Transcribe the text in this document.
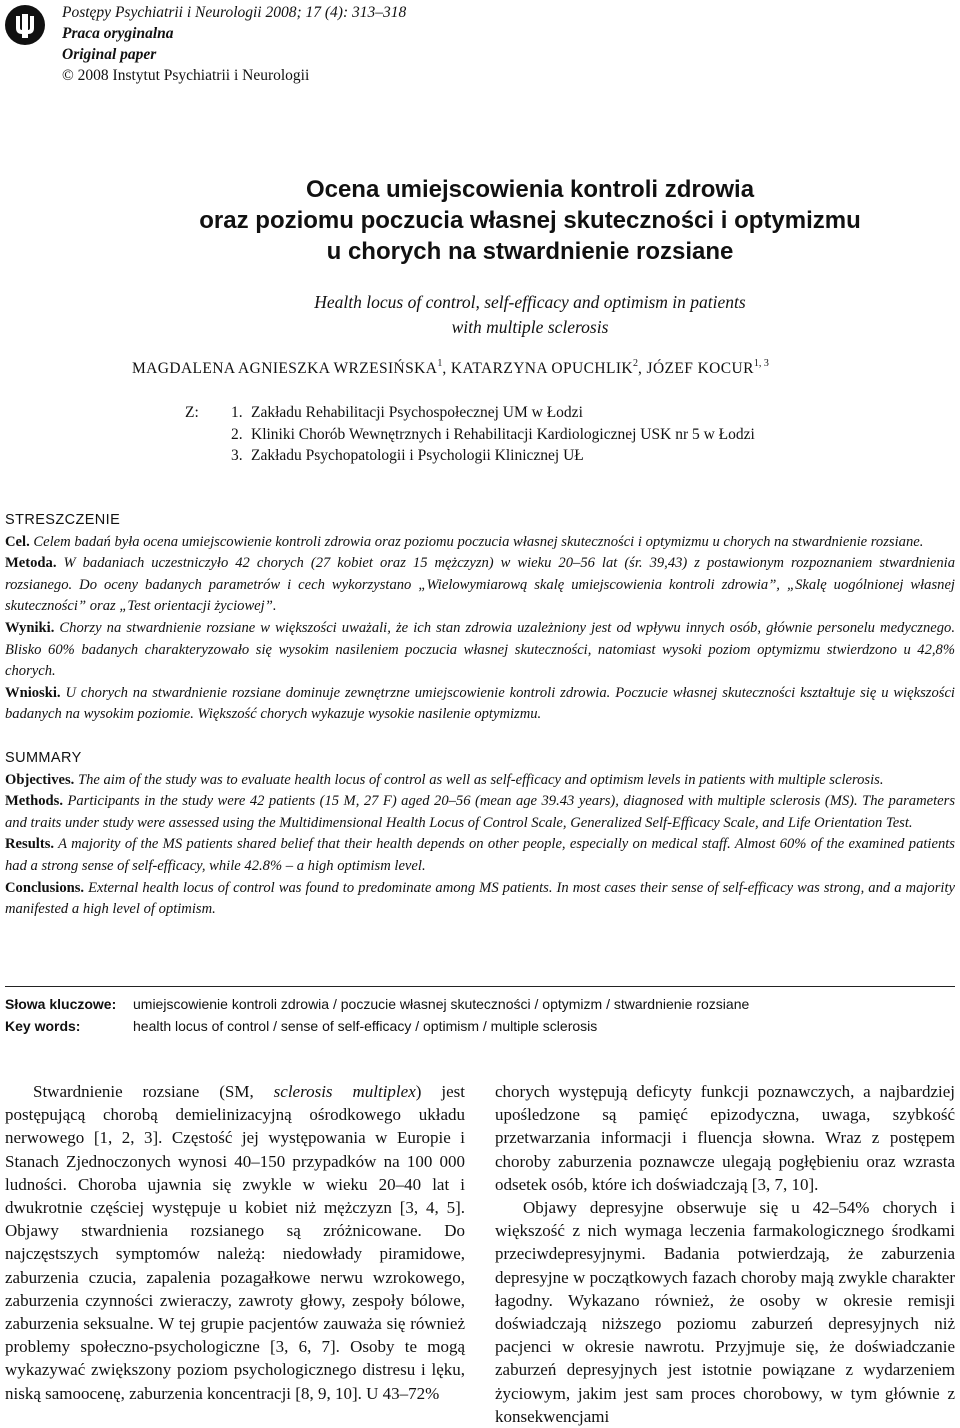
Postępy Psychiatrii i Neurologii 2008; 17 (4): 313–318
Praca oryginalna
Original paper
© 2008 Instytut Psychiatrii i Neurologii
Ocena umiejscowienia kontroli zdrowia
oraz poziomu poczucia własnej skuteczności i optymizmu
u chorych na stwardnienie rozsiane
Health locus of control, self-efficacy and optimism in patients
with multiple sclerosis
MAGDALENA AGNIESZKA WRZESIŃSKA$^1$, KATARZYNA OPUCHLIK$^2$, JÓZEF KOCUR$^{1, 3}$
Z:	1. Zakładu Rehabilitacji Psychospołecznej UM w Łodzi
2. Kliniki Chorób Wewnętrznych i Rehabilitacji Kardiologicznej USK nr 5 w Łodzi
3. Zakładu Psychopatologii i Psychologii Klinicznej UŁ
STRESZCZENIE

Cel. Celem badań była ocena umiejscowienie kontroli zdrowia oraz poziomu poczucia własnej skuteczności i optymizmu u chorych na stwardnienie rozsiane.

Metoda. W badaniach uczestniczyło 42 chorych (27 kobiet oraz 15 mężczyzn) w wieku 20–56 lat (śr. 39,43) z postawionym rozpoznaniem stwardnienia rozsianego. Do oceny badanych parametrów i cech wykorzystano „Wielowymiarową skalę umiejscowienia kontroli zdrowia”, „Skalę uogólnionej własnej skuteczności” oraz „Test orientacji życiowej”.

Wyniki. Chorzy na stwardnienie rozsiane w większości uważali, że ich stan zdrowia uzależniony jest od wpływu innych osób, głównie personelu medycznego. Blisko 60% badanych charakteryzowało się wysokim nasileniem poczucia własnej skuteczności, natomiast wysoki poziom optymizmu stwierdzono u 42,8% chorych.

Wnioski. U chorych na stwardnienie rozsiane dominuje zewnętrzne umiejscowienie kontroli zdrowia. Poczucie własnej skuteczności kształtuje się u większości badanych na wysokim poziomie. Większość chorych wykazuje wysokie nasilenie optymizmu.

SUMMARY

Objectives. The aim of the study was to evaluate health locus of control as well as self-efficacy and optimism levels in patients with multiple sclerosis.

Methods. Participants in the study were 42 patients (15 M, 27 F) aged 20–56 (mean age 39.43 years), diagnosed with multiple sclerosis (MS). The parameters and traits under study were assessed using the Multidimensional Health Locus of Control Scale, Generalized Self-Efficacy Scale, and Life Orientation Test.

Results. A majority of the MS patients shared belief that their health depends on other people, especially on medical staff. Almost 60% of the examined patients had a strong sense of self-efficacy, while 42.8% – a high optimism level.

Conclusions. External health locus of control was found to predominate among MS patients. In most cases their sense of self-efficacy was strong, and a majority manifested a high level of optimism.

Słowa kluczowe:	umiejscowienie kontroli zdrowia / poczucie własnej skuteczności / optymizm / stwardnienie rozsiane
Key words:	health locus of control / sense of self-efficacy / optimism / multiple sclerosis

Stwardnienie rozsiane (SM, sclerosis multiplex) jest postępującą chorobą demielinizacyjną ośrodkowego układu nerwowego [1, 2, 3]. Częstość jej występowania w Europie i Stanach Zjednoczonych wynosi 40–150 przypadków na 100 000 ludności. Choroba ujawnia się zwykle w wieku 20–40 lat i dwukrotnie częściej występuje u kobiet niż mężczyzn [3, 4, 5]. Objawy stwardnienia rozsianego są zróżnicowane. Do najczęstszych symptomów należą: niedowłady piramidowe, zaburzenia czucia, zapalenia pozagałkowe nerwu wzrokowego, zaburzenia czynności zwieraczy, zawroty głowy, zespoły bólowe, zaburzenia seksualne. W tej grupie pacjentów zauważa się również problemy społeczno-psychologiczne [3, 6, 7]. Osoby te mogą wykazywać zwiększony poziom psychologicznego distresu i lęku, niską samoocenę, zaburzenia koncentracji [8, 9, 10]. U 43–72%

chorych występują deficyty funkcji poznawczych, a najbardziej upośledzone są pamięć epizodyczna, uwaga, szybkość przetwarzania informacji i fluencja słowna. Wraz z postępem choroby zaburzenia poznawcze ulegają pogłębieniu oraz wzrasta odsetek osób, które ich doświadczają [3, 7, 10].

Objawy depresyjne obserwuje się u 42–54% chorych i większość z nich wymaga leczenia farmakologicznego środkami przeciwdepresyjnymi. Badania potwierdzają, że zaburzenia depresyjne w początkowych fazach choroby mają zwykle charakter łagodny. Wykazano również, że osoby w okresie remisji doświadczają niższego poziomu zaburzeń depresyjnych niż pacjenci w okresie nawrotu. Przyjmuje się, że doświadczanie zaburzeń depresyjnych jest istotnie powiązane z wydarzeniem życiowym, jakim jest sam proces chorobowy, w tym głównie z konsekwencjami
